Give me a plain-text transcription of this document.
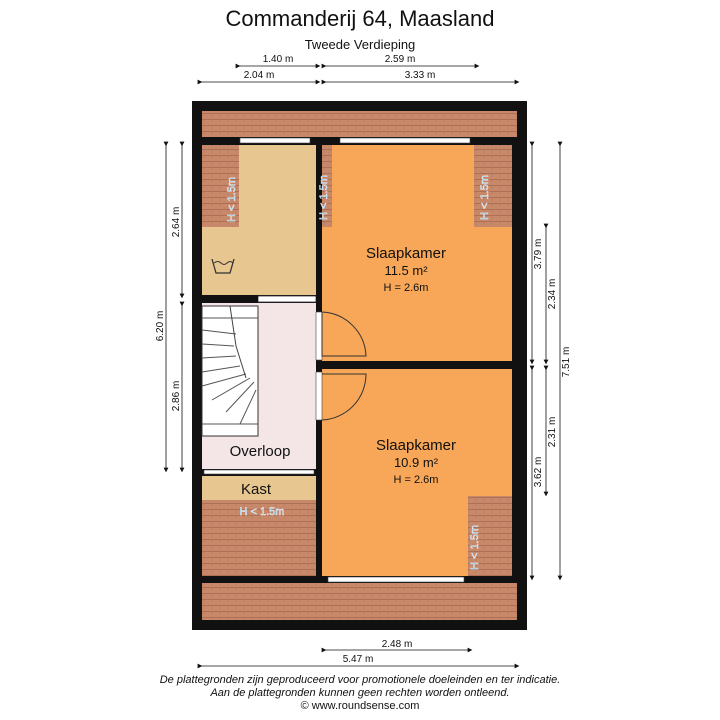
Commanderij 64, Maasland
Tweede Verdieping
Slaapkamer
11.5 m²
H = 2.6m
Slaapkamer
10.9 m²
H = 2.6m
Overloop
Kast
H < 1.5m	H < 1.5m	H < 1.5m
H < 1.5m
H < 1.5m
1.40 m	2.59 m
2.04 m	3.33 m
2.64 m
6.20 m
2.86 m
3.79 m
2.34 m
7.51 m
2.31 m
3.62 m
2.48 m
5.47 m
De plattegronden zijn geproduceerd voor promotionele doeleinden en ter indicatie.
Aan de plattegronden kunnen geen rechten worden ontleend.
© www.roundsense.com
